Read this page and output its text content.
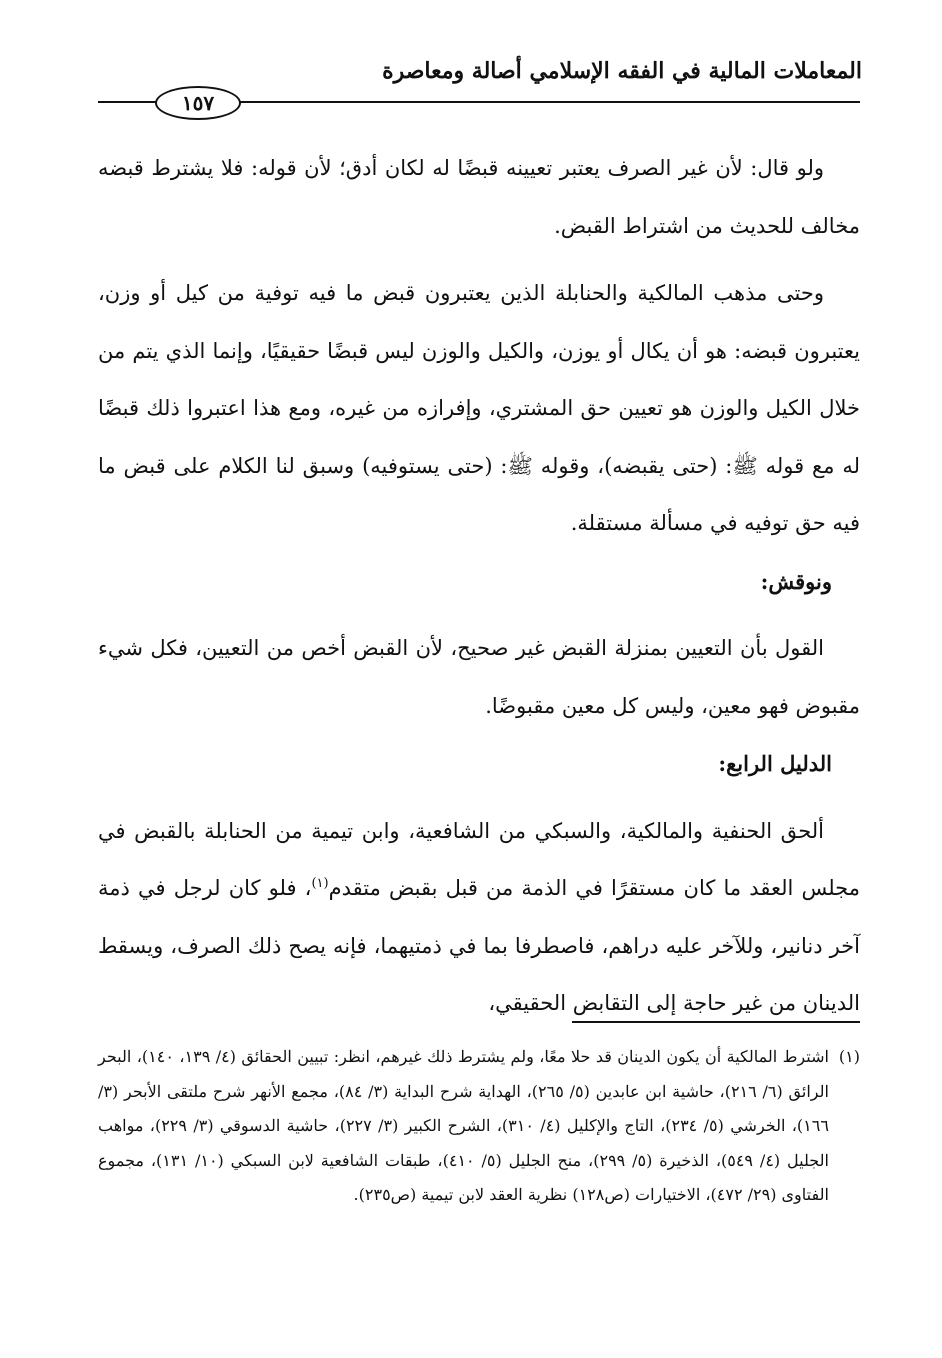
المعاملات المالية في الفقه الإسلامي أصالة ومعاصرة
١٥٧

ولو قال: لأن غير الصرف يعتبر تعيينه قبضًا له لكان أدق؛ لأن قوله: فلا يشترط قبضه مخالف للحديث من اشتراط القبض.

وحتى مذهب المالكية والحنابلة الذين يعتبرون قبض ما فيه توفية من كيل أو وزن، يعتبرون قبضه: هو أن يكال أو يوزن، والكيل والوزن ليس قبضًا حقيقيًا، وإنما الذي يتم من خلال الكيل والوزن هو تعيين حق المشتري، وإفرازه من غيره، ومع هذا اعتبروا ذلك قبضًا له مع قوله ﷺ: (حتى يقبضه)، وقوله ﷺ: (حتى يستوفيه) وسبق لنا الكلام على قبض ما فيه حق توفيه في مسألة مستقلة.

ونوقش:

القول بأن التعيين بمنزلة القبض غير صحيح، لأن القبض أخص من التعيين، فكل شيء مقبوض فهو معين، وليس كل معين مقبوضًا.

الدليل الرابع:

ألحق الحنفية والمالكية، والسبكي من الشافعية، وابن تيمية من الحنابلة بالقبض في مجلس العقد ما كان مستقرًا في الذمة من قبل بقبض متقدم$^{(١)}$، فلو كان لرجل في ذمة آخر دنانير، وللآخر عليه دراهم، فاصطرفا بما في ذمتيهما، فإنه يصح ذلك الصرف، ويسقط الدينان من غير حاجة إلى التقابض الحقيقي،

(١)
اشترط المالكية أن يكون الدينان قد حلا معًا، ولم يشترط ذلك غيرهم، انظر: تبيين الحقائق (٤/ ١٣٩، ١٤٠)، البحر الرائق (٦/ ٢١٦)، حاشية ابن عابدين (٥/ ٢٦٥)، الهداية شرح البداية (٣/ ٨٤)، مجمع الأنهر شرح ملتقى الأبحر (٣/ ١٦٦)، الخرشي (٥/ ٢٣٤)، التاج والإكليل (٤/ ٣١٠)، الشرح الكبير (٣/ ٢٢٧)، حاشية الدسوقي (٣/ ٢٢٩)، مواهب الجليل (٤/ ٥٤٩)، الذخيرة (٥/ ٢٩٩)، منح الجليل (٥/ ٤١٠)، طبقات الشافعية لابن السبكي (١٠/ ١٣١)، مجموع الفتاوى (٢٩/ ٤٧٢)، الاختيارات (ص١٢٨) نظرية العقد لابن تيمية (ص٢٣٥).
